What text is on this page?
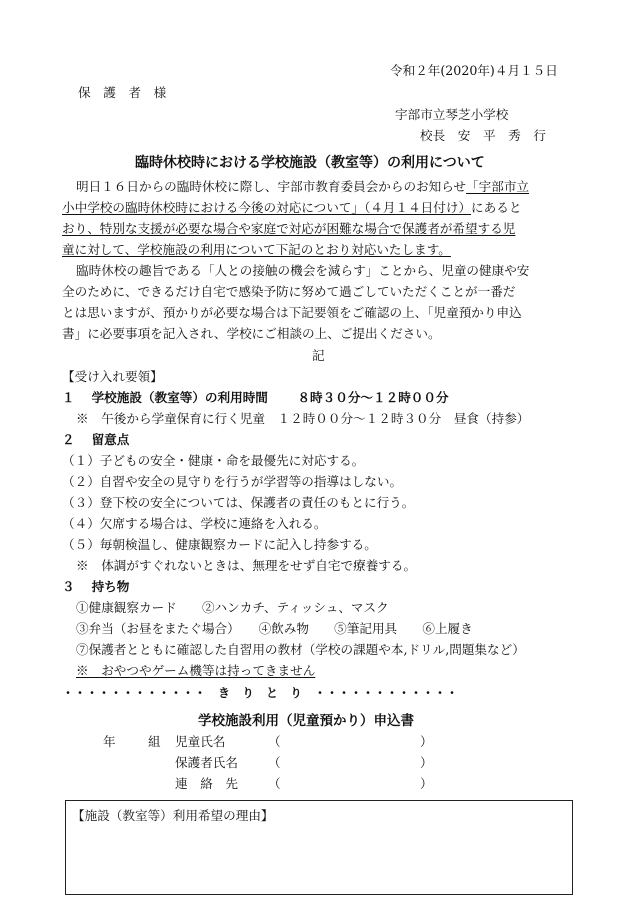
令和２年(2020年)４月１５日
保　護　者　様
宇部市立琴芝小学校
校長　安　平　秀　行
臨時休校時における学校施設（教室等）の利用について
明日１６日からの臨時休校に際し、宇部市教育委員会からのお知らせ「宇部市立
小中学校の臨時休校時における今後の対応について」（４月１４日付け）にあると
おり、特別な支援が必要な場合や家庭で対応が困難な場合で保護者が希望する児
童に対して、学校施設の利用について下記のとおり対応いたします。
臨時休校の趣旨である「人との接触の機会を減らす」ことから、児童の健康や安
全のために、できるだけ自宅で感染予防に努めて過ごしていただくことが一番だ
とは思いますが、預かりが必要な場合は下記要領をご確認の上、「児童預かり申込
書」に必要事項を記入され、学校にご相談の上、ご提出ください。
記
【受け入れ要領】
１　 学校施設（教室等）の利用時間　　 ８時３０分～１２時００分
※　午後から学童保育に行く児童　１２時００分～１２時３０分　昼食（持参）
２　 留意点
（１）子どもの安全・健康・命を最優先に対応する。
（２）自習や安全の見守りを行うが学習等の指導はしない。
（３）登下校の安全については、保護者の責任のもとに行う。
（４）欠席する場合は、学校に連絡を入れる。
（５）毎朝検温し、健康観察カードに記入し持参する。
※　体調がすぐれないときは、無理をせず自宅で療養する。
３　 持ち物
①健康観察カード　　②ハンカチ、ティッシュ、マスク
③弁当（お昼をまたぐ場合）　　④飲み物　　⑤筆記用具　　⑥上履き
⑦保護者とともに確認した自習用の教材（学校の課題や本,ドリル,問題集など）
※　おやつやゲーム機等は持ってきません
・・・・・・・・・・・・　き　り　と　り　・・・・・・・・・・・・
学校施設利用（児童預かり）申込書
年	組 児童氏名	（	）
保護者氏名 （	）
連　絡　先 （	）
【施設（教室等）利用希望の理由】
